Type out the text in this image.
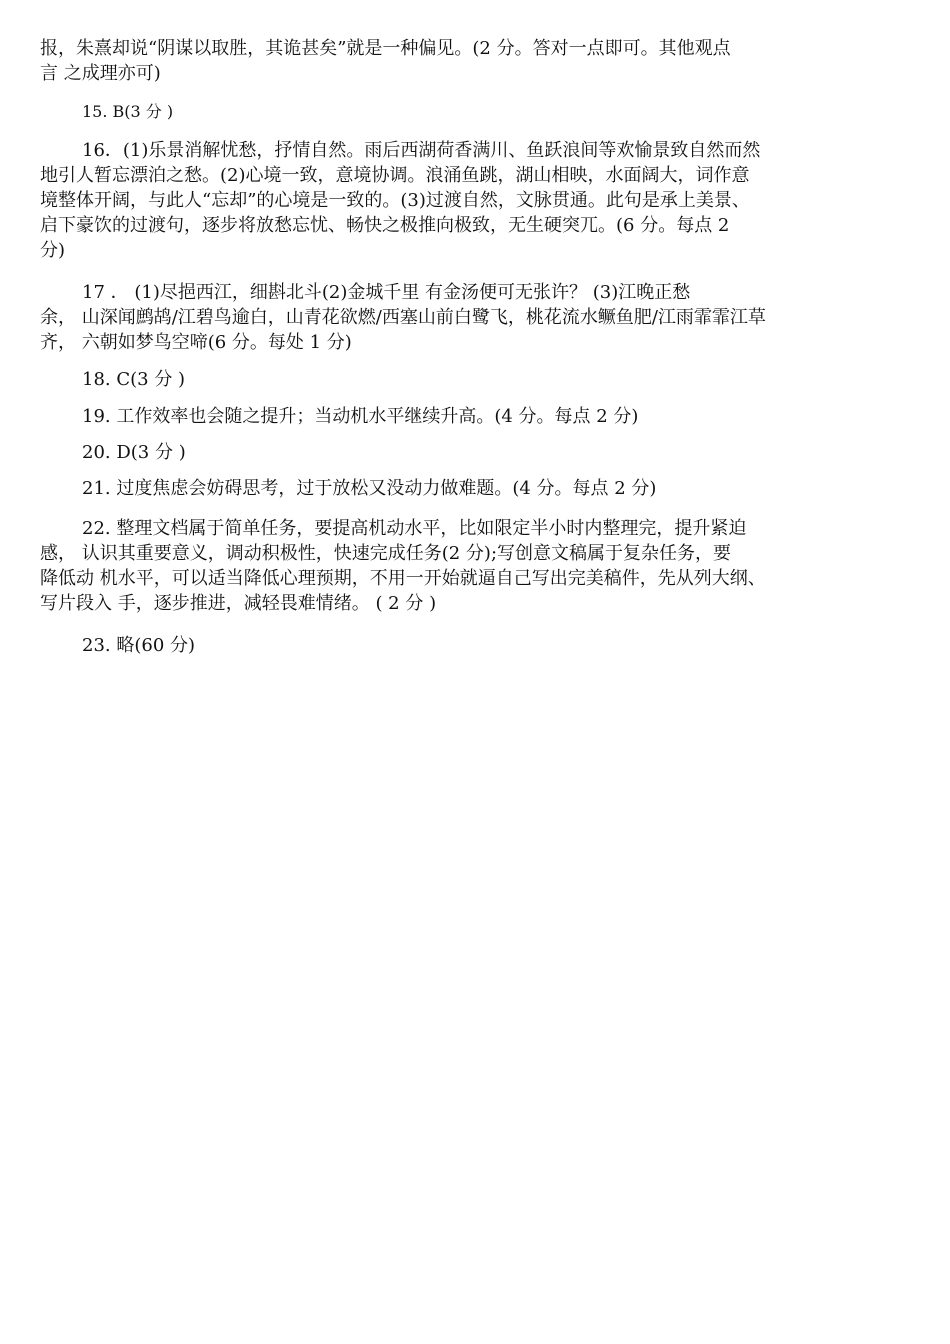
报，朱熹却说“阴谋以取胜，其诡甚矣”就是一种偏见。(2 分。答对一点即可。其他观点
言 之成理亦可)
15. B(3 分 )
16．(1)乐景消解忧愁，抒情自然。雨后西湖荷香满川、鱼跃浪间等欢愉景致自然而然
地引人暂忘漂泊之愁。(2)心境一致，意境协调。浪涌鱼跳，湖山相映，水面阔大，词作意
境整体开阔，与此人“忘却”的心境是一致的。(3)过渡自然，文脉贯通。此句是承上美景、
启下豪饮的过渡句，逐步将放愁忘忧、畅快之极推向极致，无生硬突兀。(6 分。每点 2
分)
17 ． (1)尽挹西江，细斟北斗(2)金城千里 有金汤便可无张许？ (3)江晚正愁
余， 山深闻鹧鸪/江碧鸟逾白，山青花欲燃/西塞山前白鹭飞，桃花流水鳜鱼肥/江雨霏霏江草
齐， 六朝如梦鸟空啼(6 分。每处 1 分)
18. C(3 分 )
19. 工作效率也会随之提升；当动机水平继续升高。(4 分。每点 2 分)
20. D(3 分 )
21. 过度焦虑会妨碍思考，过于放松又没动力做难题。(4 分。每点 2 分)
22. 整理文档属于简单任务，要提高机动水平，比如限定半小时内整理完，提升紧迫
感， 认识其重要意义，调动积极性，快速完成任务(2 分);写创意文稿属于复杂任务，要
降低动 机水平，可以适当降低心理预期，不用一开始就逼自己写出完美稿件，先从列大纲、
写片段入 手，逐步推进，减轻畏难情绪。 ( 2 分 )
23. 略(60 分)
